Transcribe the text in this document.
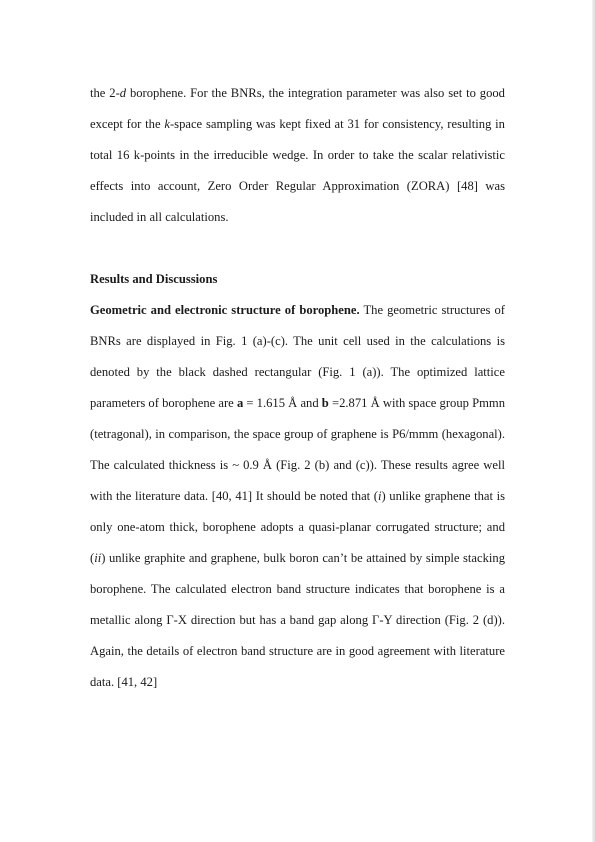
the 2-d borophene. For the BNRs, the integration parameter was also set to good except for the k-space sampling was kept fixed at 31 for consistency, resulting in total 16 k-points in the irreducible wedge. In order to take the scalar relativistic effects into account, Zero Order Regular Approximation (ZORA) [48] was included in all calculations.

Results and Discussions

Geometric and electronic structure of borophene. The geometric structures of BNRs are displayed in Fig. 1 (a)-(c). The unit cell used in the calculations is denoted by the black dashed rectangular (Fig. 1 (a)). The optimized lattice parameters of borophene are a = 1.615 Å and b =2.871 Å with space group Pmmn (tetragonal), in comparison, the space group of graphene is P6/mmm (hexagonal). The calculated thickness is ~ 0.9 Å (Fig. 2 (b) and (c)). These results agree well with the literature data. [40, 41] It should be noted that (i) unlike graphene that is only one-atom thick, borophene adopts a quasi-planar corrugated structure; and (ii) unlike graphite and graphene, bulk boron can’t be attained by simple stacking borophene. The calculated electron band structure indicates that borophene is a metallic along Γ-X direction but has a band gap along Γ-Y direction (Fig. 2 (d)). Again, the details of electron band structure are in good agreement with literature data. [41, 42]
